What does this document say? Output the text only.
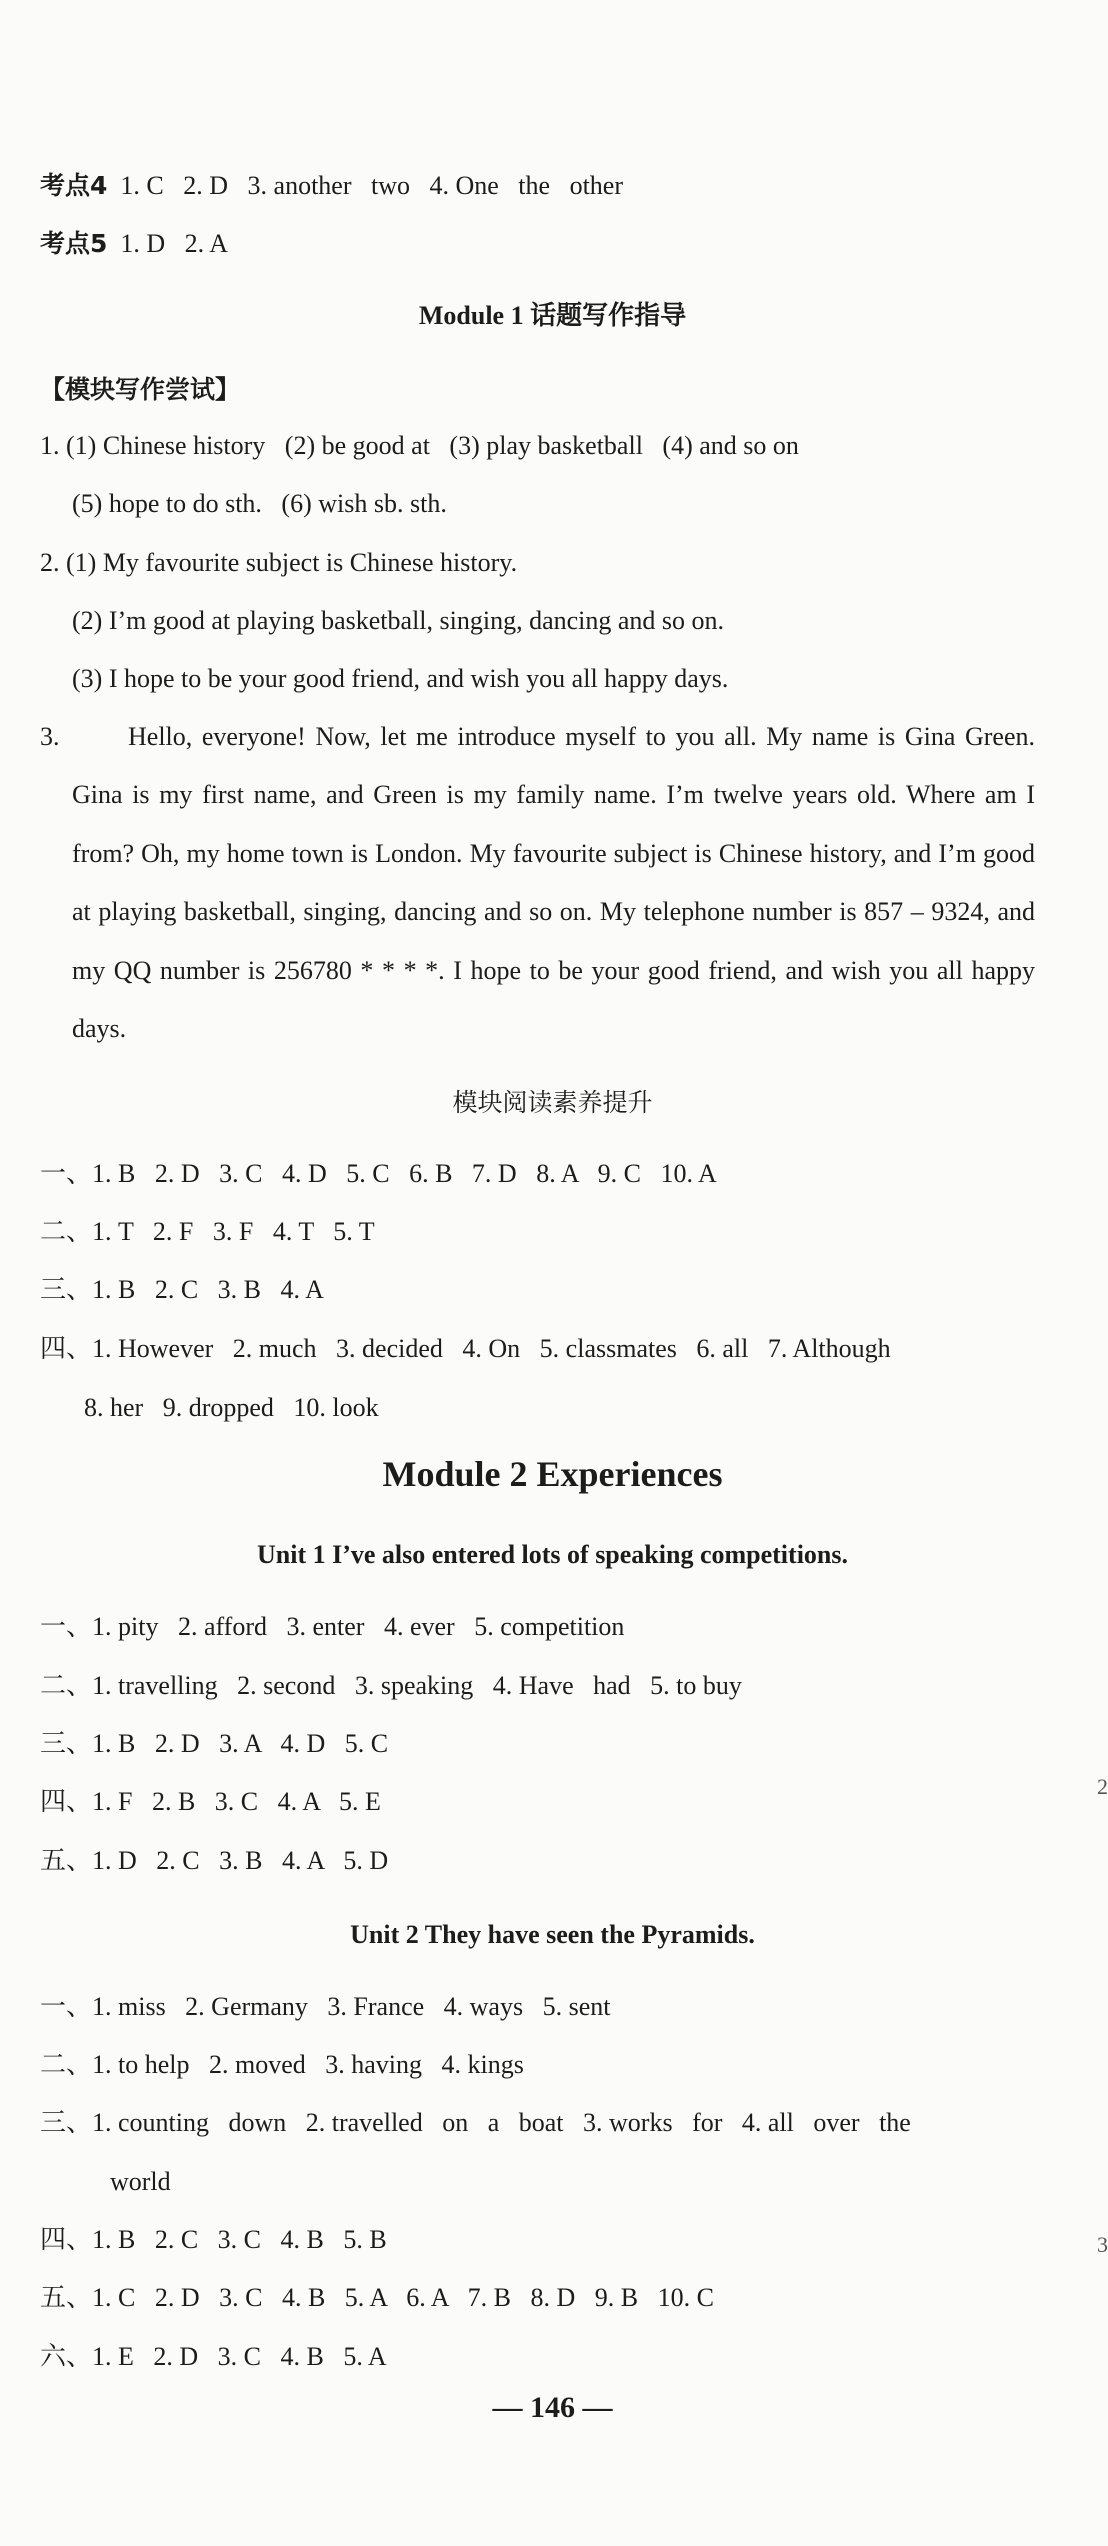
考点4  1. C   2. D   3. another   two   4. One   the   other
考点5  1. D   2. A
Module 1 话题写作指导
【模块写作尝试】
1. (1) Chinese history   (2) be good at   (3) play basketball   (4) and so on
(5) hope to do sth.   (6) wish sb. sth.
2. (1) My favourite subject is Chinese history.
(2) I’m good at playing basketball, singing, dancing and so on.
(3) I hope to be your good friend, and wish you all happy days.
3.	Hello, everyone! Now, let me introduce myself to you all. My name is Gina Green. Gina is my first name, and Green is my family name. I’m twelve years old. Where am I from? Oh, my home town is London. My favourite subject is Chinese history, and I’m good at playing basketball, singing, dancing and so on. My telephone number is 857 – 9324, and my QQ number is 256780 * * * *. I hope to be your good friend, and wish you all happy days.
模块阅读素养提升
一、1. B   2. D   3. C   4. D   5. C   6. B   7. D   8. A   9. C   10. A
二、1. T   2. F   3. F   4. T   5. T
三、1. B   2. C   3. B   4. A
四、1. However   2. much   3. decided   4. On   5. classmates   6. all   7. Although
8. her   9. dropped   10. look
Module 2 Experiences
Unit 1 I’ve also entered lots of speaking competitions.
一、1. pity   2. afford   3. enter   4. ever   5. competition
二、1. travelling   2. second   3. speaking   4. Have   had   5. to buy
三、1. B   2. D   3. A   4. D   5. C
四、1. F   2. B   3. C   4. A   5. E
五、1. D   2. C   3. B   4. A   5. D
Unit 2 They have seen the Pyramids.
一、1. miss   2. Germany   3. France   4. ways   5. sent
二、1. to help   2. moved   3. having   4. kings
三、1. counting   down   2. travelled   on   a   boat   3. works   for   4. all   over   the
world
四、1. B   2. C   3. C   4. B   5. B
五、1. C   2. D   3. C   4. B   5. A   6. A   7. B   8. D   9. B   10. C
六、1. E   2. D   3. C   4. B   5. A
— 146 —
2
3
